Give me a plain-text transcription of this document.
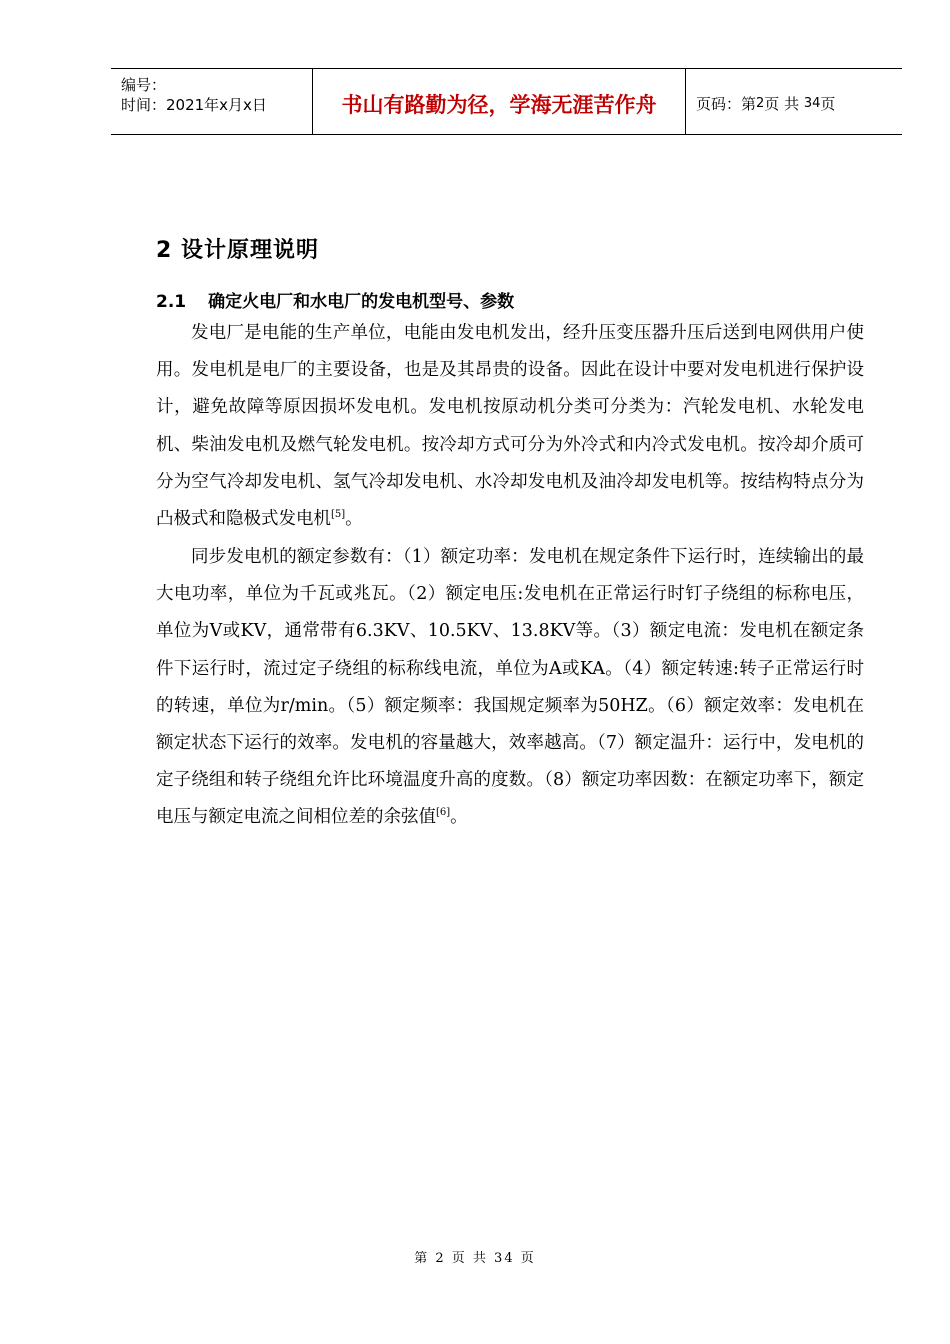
编号：
时间：2021年x月x日	书山有路勤为径，学海无涯苦作舟	页码：第 2 页 共
34 页
2 设计原理说明
2.1 确定火电厂和水电厂的发电机型号、参数

发电厂是电能的生产单位，电能由发电机发出，经升压变压器升压后送到电网供用户使用。发电机是电厂的主要设备，也是及其昂贵的设备。因此在设计中要对发电机进行保护设计，避免故障等原因损坏发电机。发电机按原动机分类可分类为：汽轮发电机、水轮发电机、柴油发电机及燃气轮发电机。按冷却方式可分为外冷式和内冷式发电机。按冷却介质可分为空气冷却发电机、氢气冷却发电机、水冷却发电机及油冷却发电机等。按结构特点分为凸极式和隐极式发电机[5]。

同步发电机的额定参数有：（1）额定功率：发电机在规定条件下运行时，连续输出的最大电功率，单位为千瓦或兆瓦。（2）额定电压:发电机在正常运行时钉子绕组的标称电压，单位为V或KV，通常带有6.3KV、10.5KV、13.8KV等。（3）额定电流：发电机在额定条件下运行时，流过定子绕组的标称线电流，单位为A或KA。（4）额定转速:转子正常运行时的转速，单位为r/min。（5）额定频率：我国规定频率为50HZ。（6）额定效率：发电机在额定状态下运行的效率。发电机的容量越大，效率越高。（7）额定温升：运行中，发电机的定子绕组和转子绕组允许比环境温度升高的度数。（8）额定功率因数：在额定功率下，额定电压与额定电流之间相位差的余弦值[6]。

第 2 页 共 34 页
